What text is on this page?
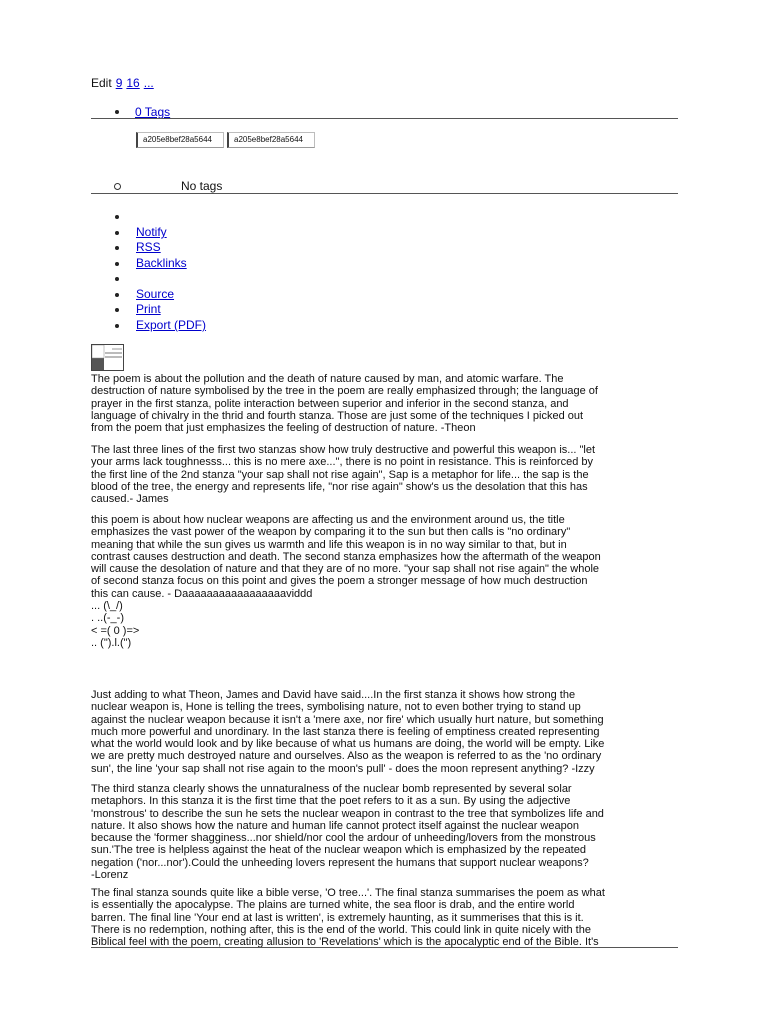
Edit 9 16 ...
0 Tags
a205e8bef28a5644	a205e8bef28a5644
No tags
Notify
RSS
Backlinks
Source
Print
Export (PDF)

The poem is about the pollution and the death of nature caused by man, and atomic warfare. The
destruction of nature symbolised by the tree in the poem are really emphasized through; the language of
prayer in the first stanza, polite interaction between superior and inferior in the second stanza, and
language of chivalry in the thrid and fourth stanza. Those are just some of the techniques I picked out
from the poem that just emphasizes the feeling of destruction of nature. -Theon

The last three lines of the first two stanzas show how truly destructive and powerful this weapon is... "let
your arms lack toughnesss... this is no mere axe...", there is no point in resistance. This is reinforced by
the first line of the 2nd stanza "your sap shall not rise again", Sap is a metaphor for life... the sap is the
blood of the tree, the energy and represents life, "nor rise again" show's us the desolation that this has
caused.- James

this poem is about how nuclear weapons are affecting us and the environment around us, the title
emphasizes the vast power of the weapon by comparing it to the sun but then calls is "no ordinary"
meaning that while the sun gives us warmth and life this weapon is in no way similar to that, but in
contrast causes destruction and death. The second stanza emphasizes how the aftermath of the weapon
will cause the desolation of nature and that they are of no more. "your sap shall not rise again" the whole
of second stanza focus on this point and gives the poem a stronger message of how much destruction
this can cause. - Daaaaaaaaaaaaaaaaaviddd
... (\_/)
. ..(-_-)
< =( 0 )=>
.. (").l.(")

Just adding to what Theon, James and David have said....In the first stanza it shows how strong the
nuclear weapon is, Hone is telling the trees, symbolising nature, not to even bother trying to stand up
against the nuclear weapon because it isn't a 'mere axe, nor fire' which usually hurt nature, but something
much more powerful and unordinary. In the last stanza there is feeling of emptiness created representing
what the world would look and by like because of what us humans are doing, the world will be empty. Like
we are pretty much destroyed nature and ourselves. Also as the weapon is referred to as the 'no ordinary
sun', the line 'your sap shall not rise again to the moon's pull' - does the moon represent anything? -Izzy

The third stanza clearly shows the unnaturalness of the nuclear bomb represented by several solar
metaphors. In this stanza it is the first time that the poet refers to it as a sun. By using the adjective
'monstrous' to describe the sun he sets the nuclear weapon in contrast to the tree that symbolizes life and
nature. It also shows how the nature and human life cannot protect itself against the nuclear weapon
because the 'former shagginess...nor shield/nor cool the ardour of unheeding/lovers from the monstrous
sun.'The tree is helpless against the heat of the nuclear weapon which is emphasized by the repeated
negation ('nor...nor').Could the unheeding lovers represent the humans that support nuclear weapons?
-Lorenz

The final stanza sounds quite like a bible verse, 'O tree...'. The final stanza summarises the poem as what
is essentially the apocalypse. The plains are turned white, the sea floor is drab, and the entire world
barren. The final line 'Your end at last is written', is extremely haunting, as it summerises that this is it.
There is no redemption, nothing after, this is the end of the world. This could link in quite nicely with the
Biblical feel with the poem, creating allusion to 'Revelations' which is the apocalyptic end of the Bible. It's
